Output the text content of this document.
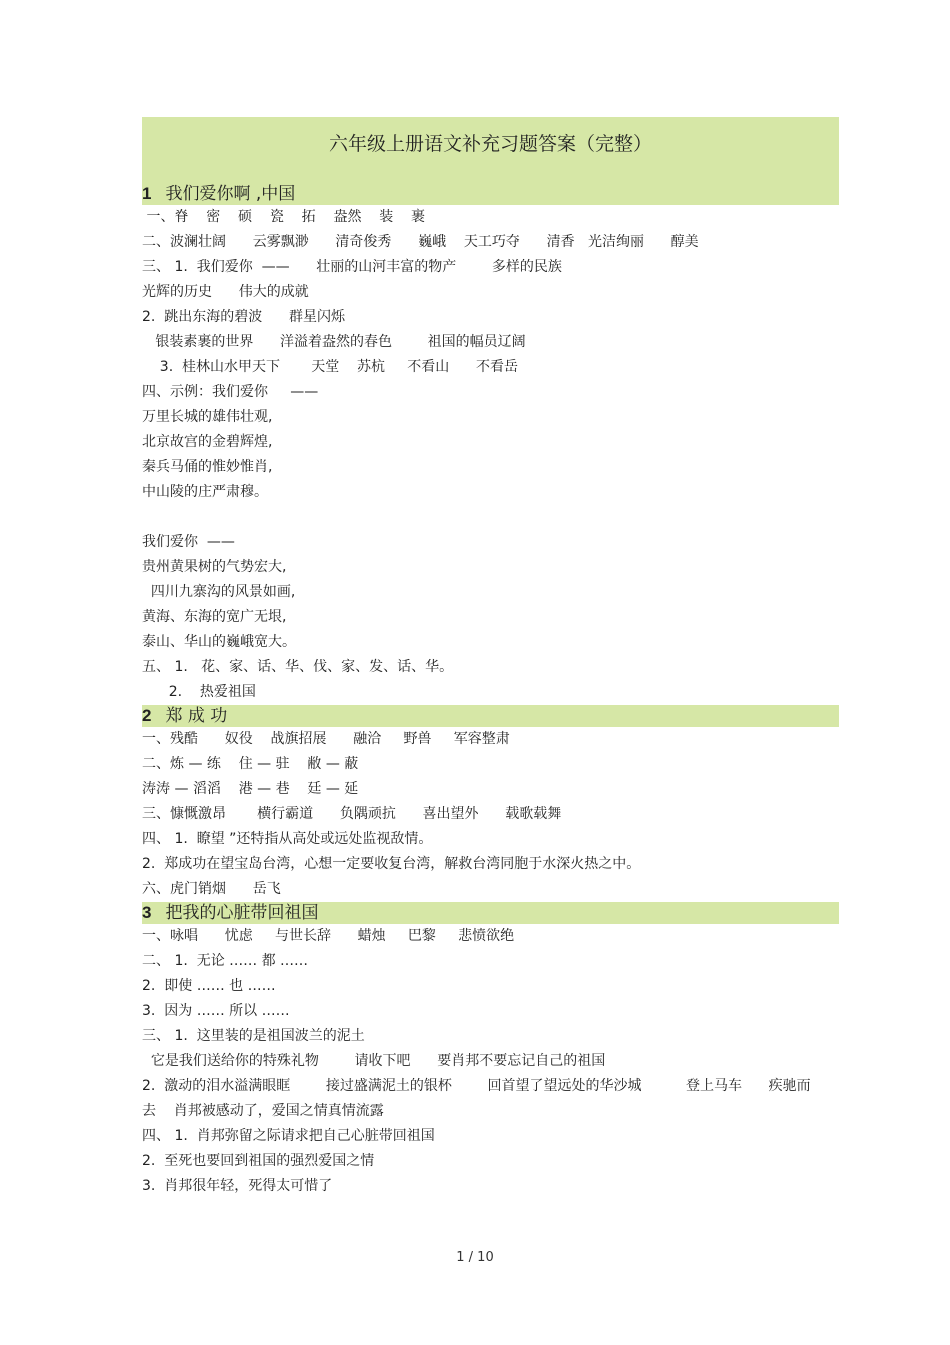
六年级上册语文补充习题答案（完整）
1 我们爱你啊 ,中国
一、脊    密    硕    瓷    拓    盎然    装    裹
二、波澜壮阔      云雾飘渺      清奇俊秀      巍峨    天工巧夺      清香   光洁绚丽      醇美
三、 1.  我们爱你  ——      壮丽的山河丰富的物产        多样的民族
光辉的历史      伟大的成就
2.  跳出东海的碧波      群星闪烁
银装素裹的世界      洋溢着盎然的春色        祖国的幅员辽阔
3.  桂林山水甲天下       天堂    苏杭     不看山      不看岳
四、示例：我们爱你     ——
万里长城的雄伟壮观,
北京故宫的金碧辉煌,
秦兵马俑的惟妙惟肖,
中山陵的庄严肃穆。
我们爱你  ——
贵州黄果树的气势宏大,
四川九寨沟的风景如画,
黄海、东海的宽广无垠,
泰山、华山的巍峨宽大。
五、 1.   花、家、话、华、伐、家、发、话、华。
2.    热爱祖国
2 郑 成 功
一、残酷      奴役    战旗招展      融洽     野兽     军容整肃
二、炼 — 练    住 — 驻    敝 — 蔽
涛涛 — 滔滔    港 — 巷    廷 — 延
三、慷慨激昂       横行霸道      负隅顽抗      喜出望外      载歌载舞
四、 1.  瞭望 ”还特指从高处或远处监视敌情。
2.  郑成功在望宝岛台湾，心想一定要收复台湾，解救台湾同胞于水深火热之中。
六、虎门销烟      岳飞
3 把我的心脏带回祖国
一、咏唱      忧虑     与世长辞      蜡烛     巴黎     悲愤欲绝
二、 1.  无论 …… 都 ……
2.  即使 …… 也 ……
3.  因为 …… 所以 ……
三、 1.  这里装的是祖国波兰的泥土
它是我们送给你的特殊礼物        请收下吧      要肖邦不要忘记自己的祖国
2.  激动的泪水溢满眼眶        接过盛满泥土的银杯        回首望了望远处的华沙城          登上马车      疾驰而
去    肖邦被感动了，爱国之情真情流露
四、 1.  肖邦弥留之际请求把自己心脏带回祖国
2.  至死也要回到祖国的强烈爱国之情
3.  肖邦很年轻，死得太可惜了
1 / 10
